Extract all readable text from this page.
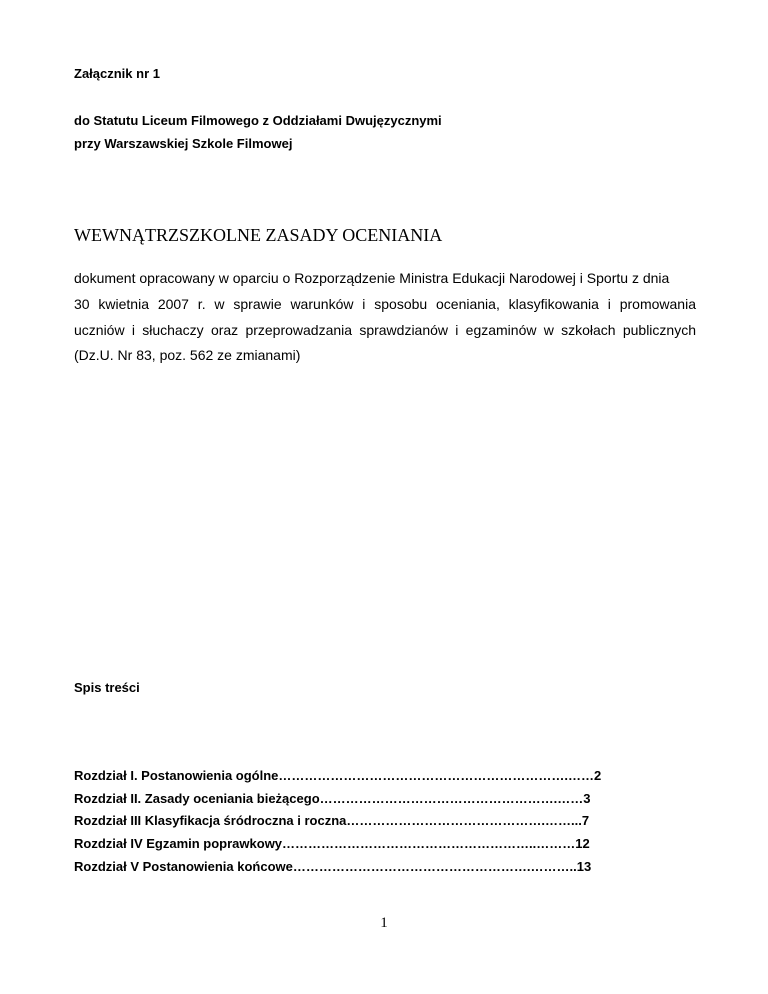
Załącznik nr 1
do Statutu Liceum Filmowego z Oddziałami Dwujęzycznymi
przy Warszawskiej Szkole Filmowej
WEWNĄTRZSZKOLNE ZASADY OCENIANIA
dokument opracowany w oparciu o Rozporządzenie Ministra Edukacji Narodowej i Sportu z dnia
30 kwietnia 2007 r. w sprawie warunków i sposobu oceniania, klasyfikowania i promowania
uczniów i słuchaczy oraz przeprowadzania sprawdzianów i egzaminów w szkołach publicznych
(Dz.U. Nr 83, poz. 562 ze zmianami)
Spis treści
Rozdział I. Postanowienia ogólne………………………………………………………….……2
Rozdział II. Zasady oceniania bieżącego……………………………………………….……3
Rozdział III Klasyfikacja śródroczna i roczna……………………………………….……...7
Rozdział IV Egzamin poprawkowy…………………………………………………..………12
Rozdział V Postanowienia końcowe……………………………………………….………..13
1
